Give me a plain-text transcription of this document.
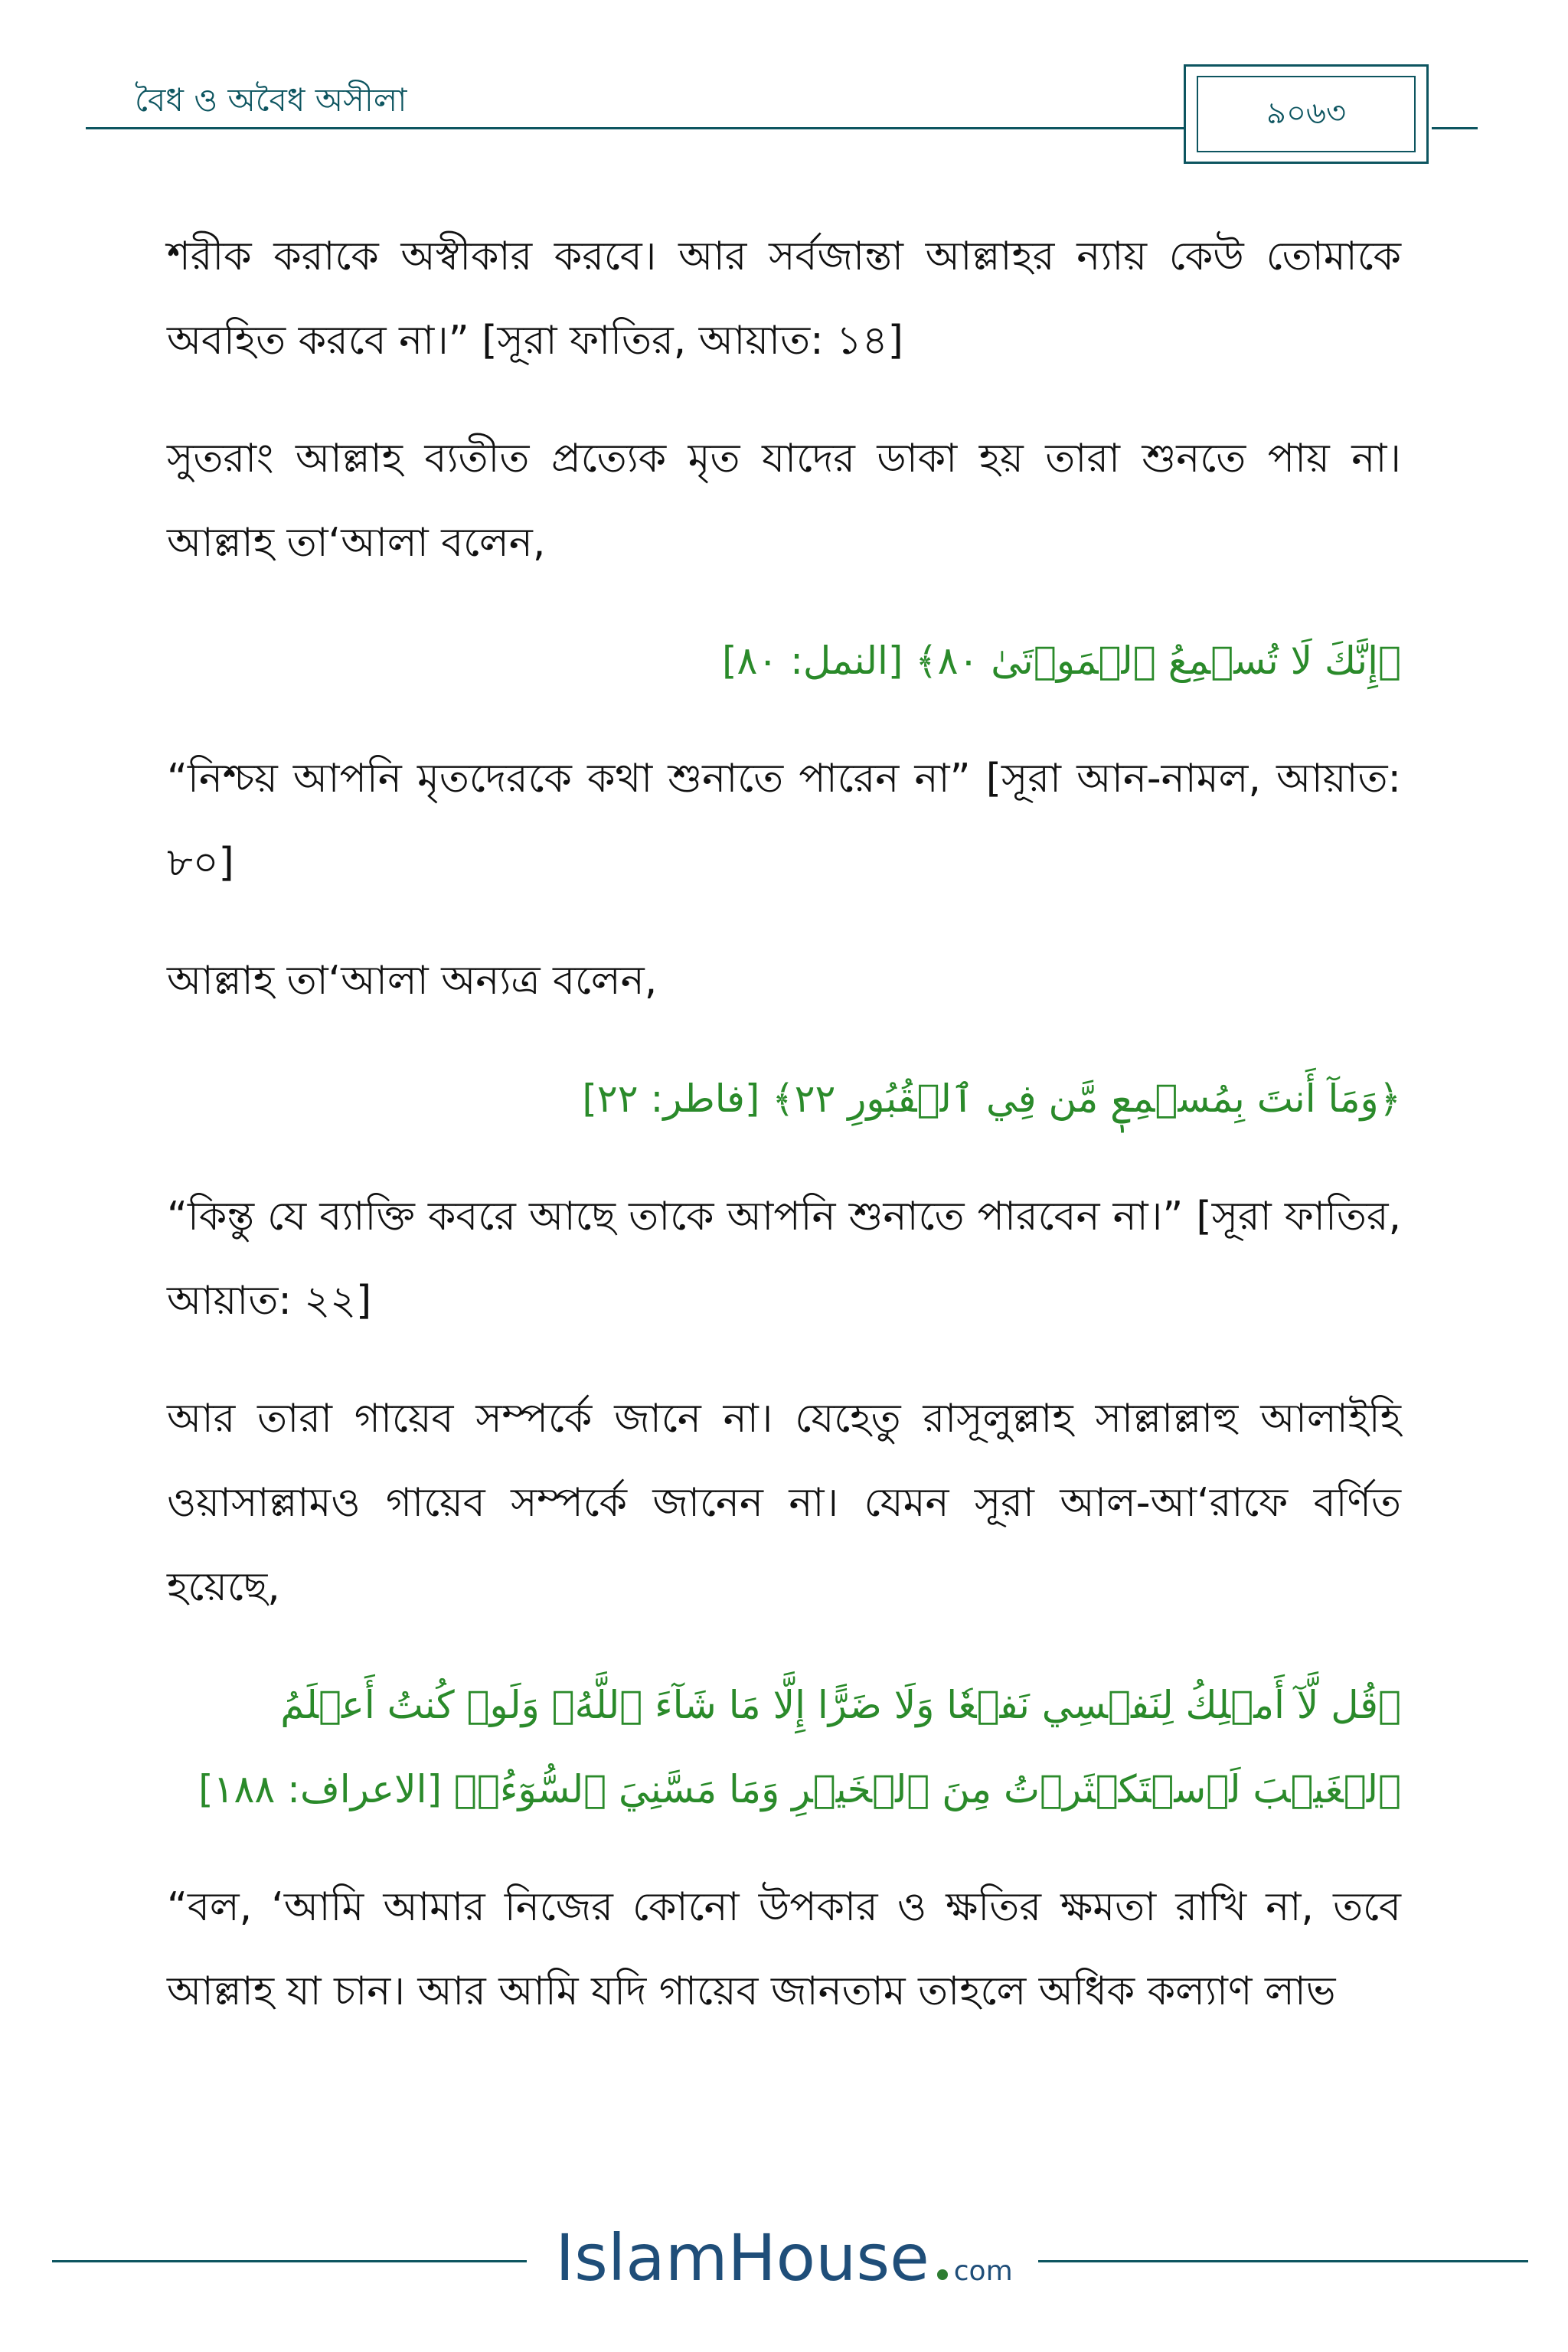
বৈধ ও অবৈধ অসীলা	৯০৬৩

শরীক করাকে অস্বীকার করবে। আর সর্বজান্তা আল্লাহর ন্যায় কেউ তোমাকে অবহিত করবে না।” [সূরা ফাতির, আয়াত: ১৪]

সুতরাং আল্লাহ ব্যতীত প্রত্যেক মৃত যাদের ডাকা হয় তারা শুনতে পায় না। আল্লাহ তা‘আলা বলেন,

﴿إِنَّكَ لَا تُسۡمِعُ ٱلۡمَوۡتَىٰ ٨٠﴾ [النمل: ٨٠]

“নিশ্চয় আপনি মৃতদেরকে কথা শুনাতে পারেন না” [সূরা আন-নামল, আয়াত: ৮০]

আল্লাহ তা‘আলা অন্যত্র বলেন,

﴿وَمَآ أَنتَ بِمُسۡمِعٖ مَّن فِي ٱلۡقُبُورِ ٢٢﴾ [فاطر: ٢٢]

“কিন্তু যে ব্যাক্তি কবরে আছে তাকে আপনি শুনাতে পারবেন না।” [সূরা ফাতির, আয়াত: ২২]

আর তারা গায়েব সম্পর্কে জানে না। যেহেতু রাসূলুল্লাহ সাল্লাল্লাহু আলাইহি ওয়াসাল্লামও গায়েব সম্পর্কে জানেন না। যেমন সূরা আল-আ‘রাফে বর্ণিত হয়েছে,

﴿قُل لَّآ أَمۡلِكُ لِنَفۡسِي نَفۡعٗا وَلَا ضَرًّا إِلَّا مَا شَآءَ ٱللَّهُۚ وَلَوۡ كُنتُ أَعۡلَمُ ٱلۡغَيۡبَ لَٱسۡتَكۡثَرۡتُ مِنَ ٱلۡخَيۡرِ وَمَا مَسَّنِيَ ٱلسُّوٓءُۚ﴾ [الاعراف: ١٨٨]

“বল, ‘আমি আমার নিজের কোনো উপকার ও ক্ষতির ক্ষমতা রাখি না, তবে আল্লাহ যা চান। আর আমি যদি গায়েব জানতাম তাহলে অধিক কল্যাণ লাভ

IslamHouse com
